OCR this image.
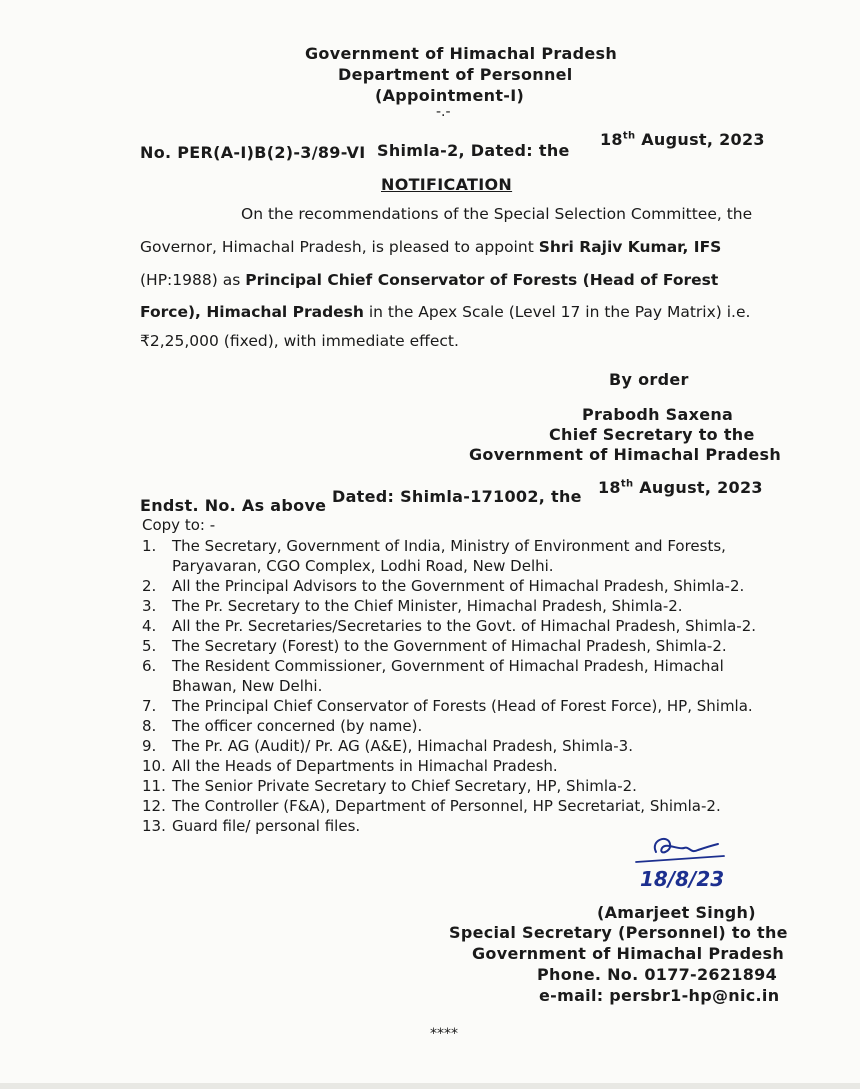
Government of Himachal Pradesh
Department of Personnel
(Appointment-I)
-.-
No. PER(A-I)B(2)-3/89-VI Shimla-2, Dated: the
18th August, 2023
NOTIFICATION
On the recommendations of the Special Selection Committee, the
Governor, Himachal Pradesh, is pleased to appoint Shri Rajiv Kumar, IFS
(HP:1988) as Principal Chief Conservator of Forests (Head of Forest
Force), Himachal Pradesh in the Apex Scale (Level 17 in the Pay Matrix) i.e.
₹2,25,000 (fixed), with immediate effect.
By order
Prabodh Saxena
Chief Secretary to the
Government of Himachal Pradesh
Endst. No. As above Dated: Shimla-171002, the 18th August, 2023
Copy to: -
1. The Secretary, Government of India, Ministry of Environment and Forests,
Paryavaran, CGO Complex, Lodhi Road, New Delhi.
2. All the Principal Advisors to the Government of Himachal Pradesh, Shimla-2.
3. The Pr. Secretary to the Chief Minister, Himachal Pradesh, Shimla-2.
4. All the Pr. Secretaries/Secretaries to the Govt. of Himachal Pradesh, Shimla-2.
5. The Secretary (Forest) to the Government of Himachal Pradesh, Shimla-2.
6. The Resident Commissioner, Government of Himachal Pradesh, Himachal
Bhawan, New Delhi.
7. The Principal Chief Conservator of Forests (Head of Forest Force), HP, Shimla.
8. The officer concerned (by name).
9. The Pr. AG (Audit)/ Pr. AG (A&E), Himachal Pradesh, Shimla-3.
10. All the Heads of Departments in Himachal Pradesh.
11. The Senior Private Secretary to Chief Secretary, HP, Shimla-2.
12. The Controller (F&A), Department of Personnel, HP Secretariat, Shimla-2.
13. Guard file/ personal files.
18/8/23
(Amarjeet Singh)
Special Secretary (Personnel) to the
Government of Himachal Pradesh
Phone. No. 0177-2621894
e-mail: persbr1-hp@nic.in
****
